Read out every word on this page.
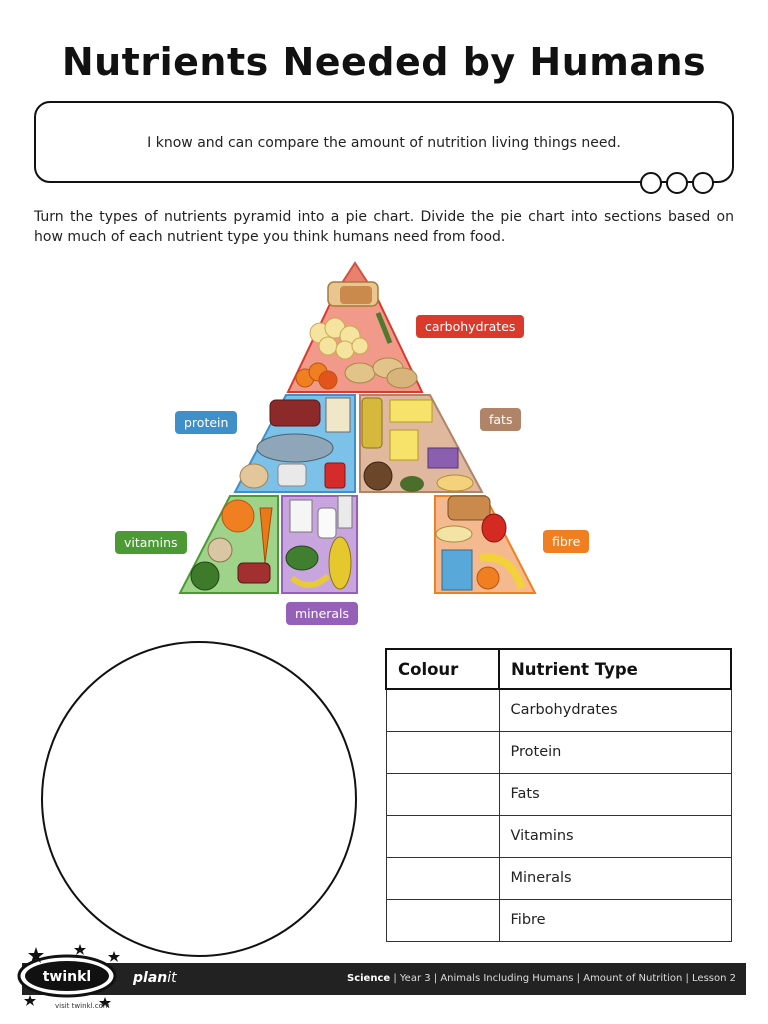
Nutrients Needed by Humans
I know and can compare the amount of nutrition living things need.
Turn the types of nutrients pyramid into a pie chart. Divide the pie chart into sections based on how much of each nutrient type you think humans need from food.
carbohydrates
protein	fats
vitamins	fibre
minerals
Colour	Nutrient Type
	Carbohydrates
	Protein
	Fats
	Vitamins
	Minerals
	Fibre
twinkl	planit	Science | Year 3 | Animals Including Humans | Amount of Nutrition | Lesson 2
visit twinkl.com
